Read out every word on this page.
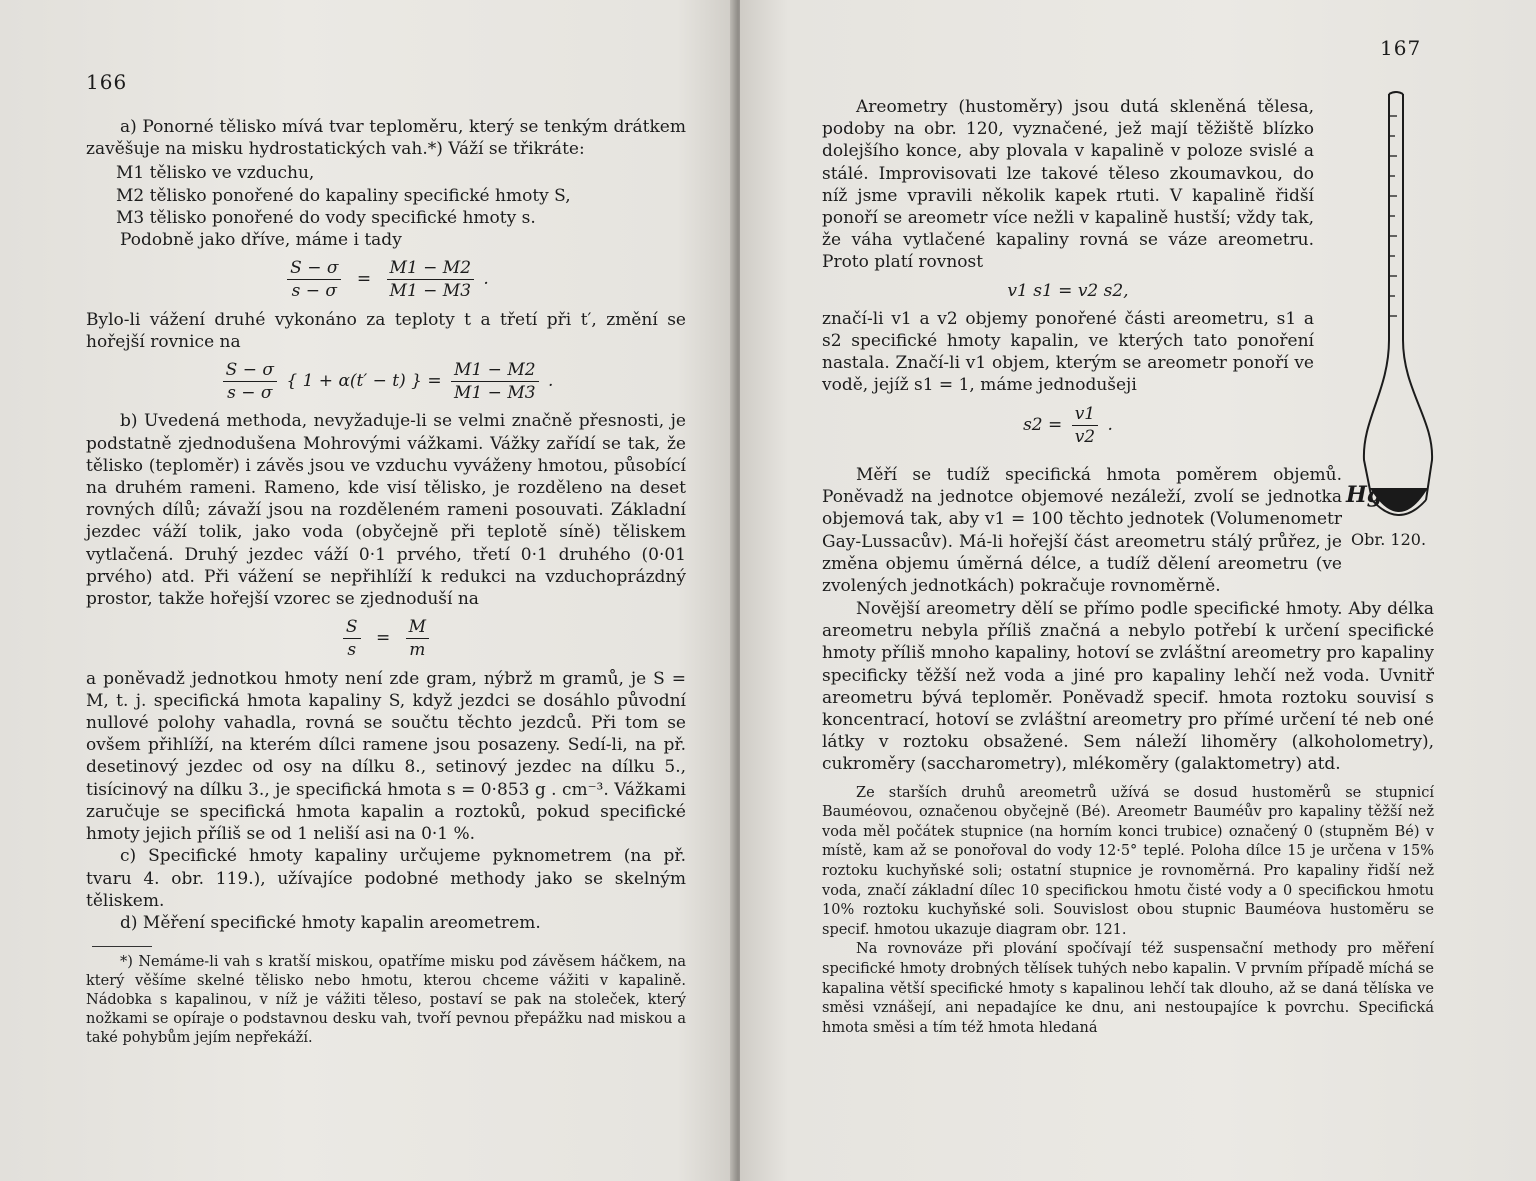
166

a) Ponorné tělisko mívá tvar teploměru, který se tenkým drátkem zavěšuje na misku hydrostatických vah.*) Váží se třikráte:

M1 tělisko ve vzduchu,

M2 tělisko ponořené do kapaliny specifické hmoty S,

M3 tělisko ponořené do vody specifické hmoty s.

Podobně jako dříve, máme i tady

$\frac{S - \sigma}{s - \sigma} = \frac{M1 - M2}{M1 - M3}$ .

Bylo-li vážení druhé vykonáno za teploty t a třetí při t′, změní se hořejší rovnice na

$\frac{S - \sigma}{s - \sigma}$ { 1 + α(t′ − t) } = $\frac{M1 - M2}{M1 - M3}$ .

b) Uvedená methoda, nevyžaduje-li se velmi značně přesnosti, je podstatně zjednodušena Mohrovými vážkami. Vážky zařídí se tak, že tělisko (teploměr) i závěs jsou ve vzduchu vyváženy hmotou, působící na druhém rameni. Rameno, kde visí tělisko, je rozděleno na deset rovných dílů; závaží jsou na rozděleném rameni posouvati. Základní jezdec váží tolik, jako voda (obyčejně při teplotě síně) těliskem vytlačená. Druhý jezdec váží 0·1 prvého, třetí 0·1 druhého (0·01 prvého) atd. Při vážení se nepřihlíží k redukci na vzduchoprázdný prostor, takže hořejší vzorec se zjednoduší na

$\frac{S}{s} = \frac{M}{m}$

a poněvadž jednotkou hmoty není zde gram, nýbrž m gramů, je S = M, t. j. specifická hmota kapaliny S, když jezdci se dosáhlo původní nullové polohy vahadla, rovná se součtu těchto jezdců. Při tom se ovšem přihlíží, na kterém dílci ramene jsou posazeny. Sedí-li, na př. desetinový jezdec od osy na dílku 8., setinový jezdec na dílku 5., tisícinový na dílku 3., je specifická hmota s = 0·853 g . cm⁻³. Vážkami zaručuje se specifická hmota kapalin a roztoků, pokud specifické hmoty jejich příliš se od 1 neliší asi na 0·1 %.

c) Specifické hmoty kapaliny určujeme pyknometrem (na př. tvaru 4. obr. 119.), užívajíce podobné methody jako se skelným těliskem.

d) Měření specifické hmoty kapalin areometrem.

*) Nemáme-li vah s kratší miskou, opatříme misku pod závěsem háčkem, na který věšíme skelné tělisko nebo hmotu, kterou chceme vážiti v kapalině. Nádobka s kapalinou, v níž je vážiti těleso, postaví se pak na stoleček, který nožkami se opíraje o podstavnou desku vah, tvoří pevnou přepážku nad miskou a také pohybům jejím nepřekáží.

167

Areometry (hustoměry) jsou dutá skleněná tělesa, podoby na obr. 120, vyznačené, jež mají těžiště blízko dolejšího konce, aby plovala v kapalině v poloze svislé a stálé. Improvisovati lze takové těleso zkoumavkou, do níž jsme vpravili několik kapek rtuti. V kapalině řidší ponoří se areometr více nežli v kapalině hustší; vždy tak, že váha vytlačené kapaliny rovná se váze areometru. Proto platí rovnost

v1 s1 = v2 s2,

značí-li v1 a v2 objemy ponořené části areometru, s1 a s2 specifické hmoty kapalin, ve kterých tato ponoření nastala. Značí-li v1 objem, kterým se areometr ponoří ve vodě, jejíž s1 = 1, máme jednodušeji

$s2 = \frac{v1}{v2}$ .

Měří se tudíž specifická hmota poměrem objemů. Poněvadž na jednotce objemové nezáleží, zvolí se jednotka objemová tak, aby v1 = 100 těchto jednotek (Volumenometr Gay-Lussacův). Má-li hořejší část areometru stálý průřez, je změna objemu úměrná délce, a tudíž dělení areometru (ve zvolených jednotkách) pokračuje rovnoměrně.

Novější areometry dělí se přímo podle specifické hmoty. Aby délka areometru nebyla příliš značná a nebylo potřebí k určení specifické hmoty příliš mnoho kapaliny, hotoví se zvláštní areometry pro kapaliny specificky těžší než voda a jiné pro kapaliny lehčí než voda. Uvnitř areometru bývá teploměr. Poněvadž specif. hmota roztoku souvisí s koncentrací, hotoví se zvláštní areometry pro přímé určení té neb oné látky v roztoku obsažené. Sem náleží lihoměry (alkoholometry), cukroměry (saccharometry), mlékoměry (galaktometry) atd.

Ze starších druhů areometrů užívá se dosud hustoměrů se stupnicí Bauméovou, označenou obyčejně (Bé). Areometr Bauméův pro kapaliny těžší než voda měl počátek stupnice (na horním konci trubice) označený 0 (stupněm Bé) v místě, kam až se ponořoval do vody 12·5° teplé. Poloha dílce 15 je určena v 15% roztoku kuchyňské soli; ostatní stupnice je rovnoměrná. Pro kapaliny řidší než voda, značí základní dílec 10 specifickou hmotu čisté vody a 0 specifickou hmotu 10% roztoku kuchyňské soli. Souvislost obou stupnic Bauméova hustoměru se specif. hmotou ukazuje diagram obr. 121.

Na rovnováze při plování spočívají též suspensační methody pro měření specifické hmoty drobných tělísek tuhých nebo kapalin. V prvním případě míchá se kapalina větší specifické hmoty s kapalinou lehčí tak dlouho, až se daná tělíska ve směsi vznášejí, ani nepadajíce ke dnu, ani nestoupajíce k povrchu. Specifická hmota směsi a tím též hmota hledaná

Hg
Obr. 120.
